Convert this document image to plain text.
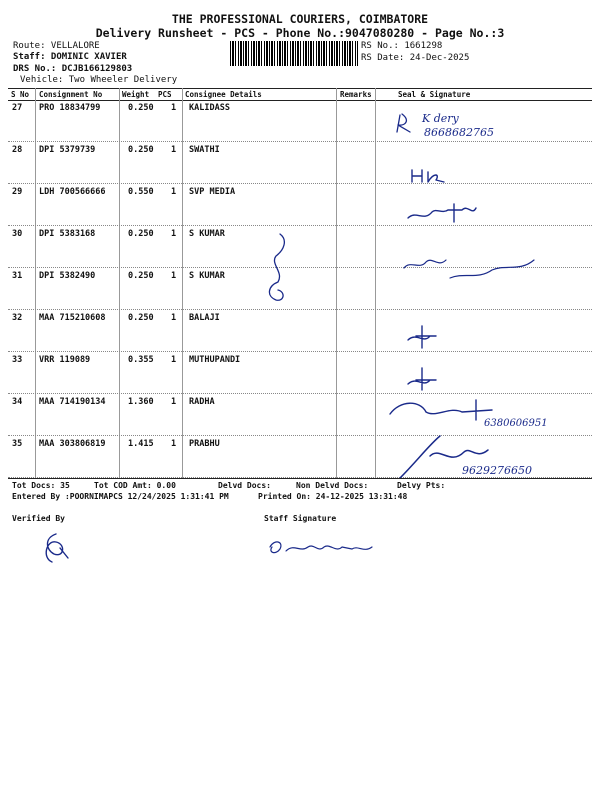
THE PROFESSIONAL COURIERS, COIMBATORE
Delivery Runsheet - PCS - Phone No.:9047080280 - Page No.:3
Route: VELLALORE
Staff: DOMINIC XAVIER
DRS No.: DCJB166129803
Vehicle: Two Wheeler Delivery
RS No.: 1661298
RS Date: 24-Dec-2025
S No Consignment No	Weight PCS Consignee Details	Remarks	Seal & Signature
27 PRO 18834799	0.250 1 KALIDASS
28 DPI 5379739	0.250 1 SWATHI
29 LDH 700566666	0.550 1 SVP MEDIA
30 DPI 5383168	0.250 1 S KUMAR
31 DPI 5382490	0.250 1 S KUMAR
32 MAA 715210608	0.250 1 BALAJI
33 VRR 119089	0.355 1 MUTHUPANDI
34 MAA 714190134	1.360 1 RADHA
35 MAA 303806819	1.415 1 PRABHU
K dery
8668682765
6380606951
9629276650
Tot Docs: 35	Tot COD Amt: 0.00	Delvd Docs:	Non Delvd Docs:	Delvy Pts:
Entered By :POORNIMAPCS 12/24/2025 1:31:41 PM	Printed On: 24-12-2025 13:31:48
Verified By	Staff Signature
